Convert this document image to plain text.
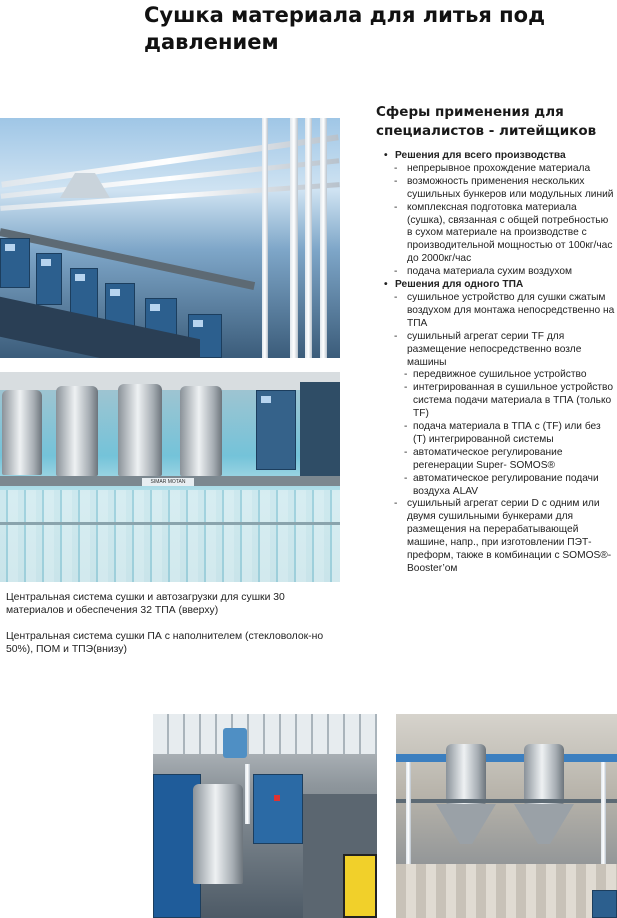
Сушка материала для литья под давлением
SIMAR MOTAN

Центральная система сушки и автозагрузки для сушки 30 материалов и обеспечения 32 ТПА (вверху)

Центральная система сушки ПА с наполнителем (стекловолок-но 50%), ПОМ и ТПЭ(внизу)

Сферы применения для специалистов - литейщиков
• Решения для всего производства
- непрерывное прохождение материала
- возможность применения нескольких сушильных бункеров или модульных линий
- комплексная подготовка материала (сушка), связанная с общей потребностью в сухом материале на производстве с производительной мощностью от 100кг/час до 2000кг/час
- подача материала сухим воздухом
• Решения для одного ТПА
- сушильное устройство для сушки сжатым воздухом для монтажа непосредственно на ТПА
- сушильный агрегат серии TF для размещение непосредственно возле машины
- передвижное сушильное устройство
- интегрированная в сушильное устройство система подачи материала в ТПА (только TF)
- подача материала в ТПА с (TF) или без (T) интегрированной системы
- автоматическое регулирование регенерации Super- SOMOS®
- автоматическое регулирование подачи воздуха ALAV
- сушильный агрегат серии D с одним или двумя сушильными бункерами для размещения на перерабатывающей машине, напр., при изготовлении ПЭТ-преформ, также в комбинации с SOMOS®-Booster’ом
